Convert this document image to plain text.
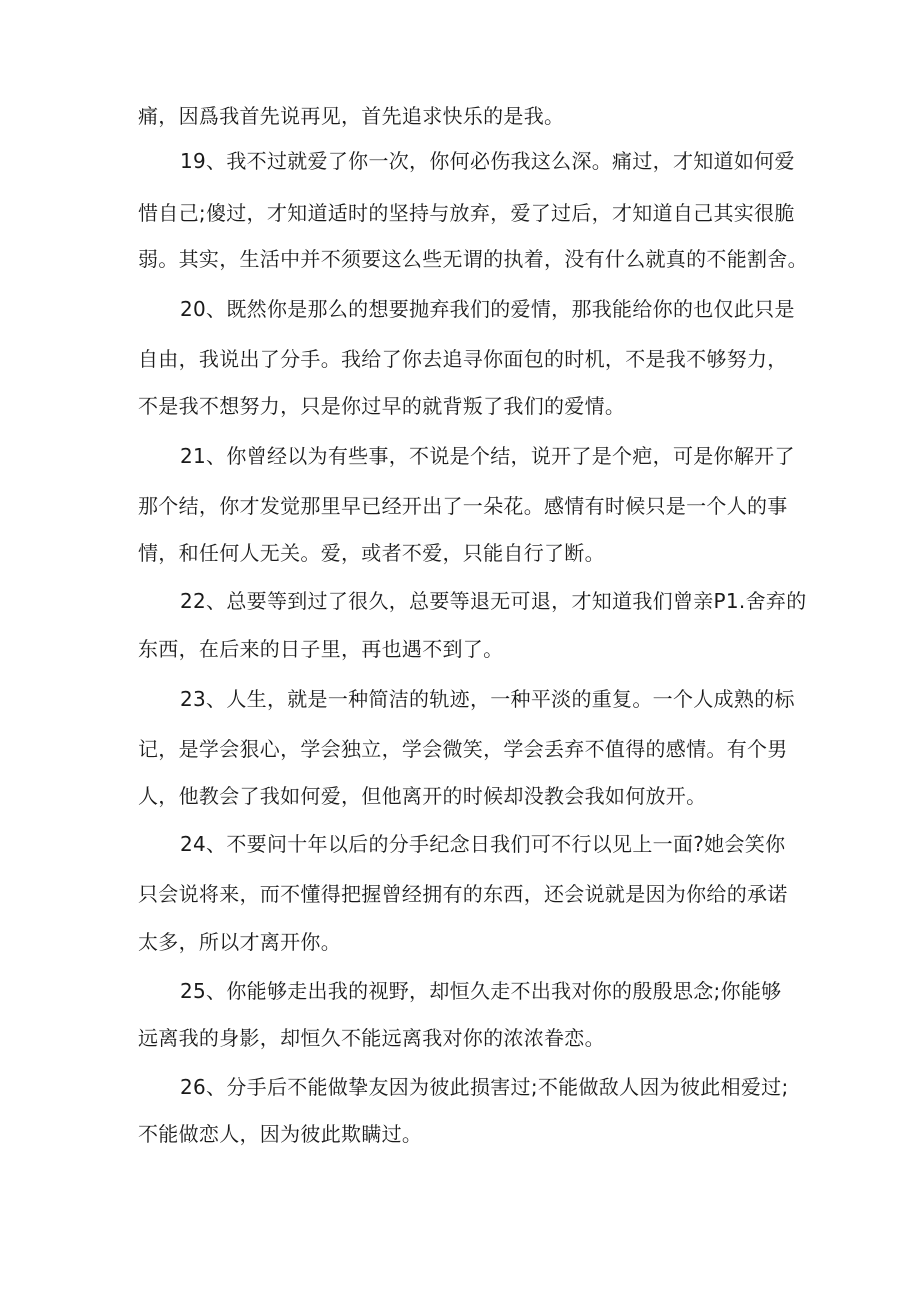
痛，因爲我首先说再见，首先追求快乐的是我。
19、我不过就爱了你一次，你何必伤我这么深。痛过，才知道如何爱
惜自己;傻过，才知道适时的坚持与放弃，爱了过后，才知道自己其实很脆
弱。其实，生活中并不须要这么些无谓的执着，没有什么就真的不能割舍。
20、既然你是那么的想要抛弃我们的爱情，那我能给你的也仅此只是
自由，我说出了分手。我给了你去追寻你面包的时机，不是我不够努力，
不是我不想努力，只是你过早的就背叛了我们的爱情。
21、你曾经以为有些事，不说是个结，说开了是个疤，可是你解开了
那个结，你才发觉那里早已经开出了一朵花。感情有时候只是一个人的事
情，和任何人无关。爱，或者不爱，只能自行了断。
22、总要等到过了很久，总要等退无可退，才知道我们曾亲P1.舍弃的
东西，在后来的日子里，再也遇不到了。
23、人生，就是一种简洁的轨迹，一种平淡的重复。一个人成熟的标
记，是学会狠心，学会独立，学会微笑，学会丢弃不值得的感情。有个男
人，他教会了我如何爱，但他离开的时候却没教会我如何放开。
24、不要问十年以后的分手纪念日我们可不行以见上一面?她会笑你
只会说将来，而不懂得把握曾经拥有的东西，还会说就是因为你给的承诺
太多，所以才离开你。
25、你能够走出我的视野，却恒久走不出我对你的殷殷思念;你能够
远离我的身影，却恒久不能远离我对你的浓浓眷恋。
26、分手后不能做挚友因为彼此损害过;不能做敌人因为彼此相爱过;
不能做恋人，因为彼此欺瞒过。
